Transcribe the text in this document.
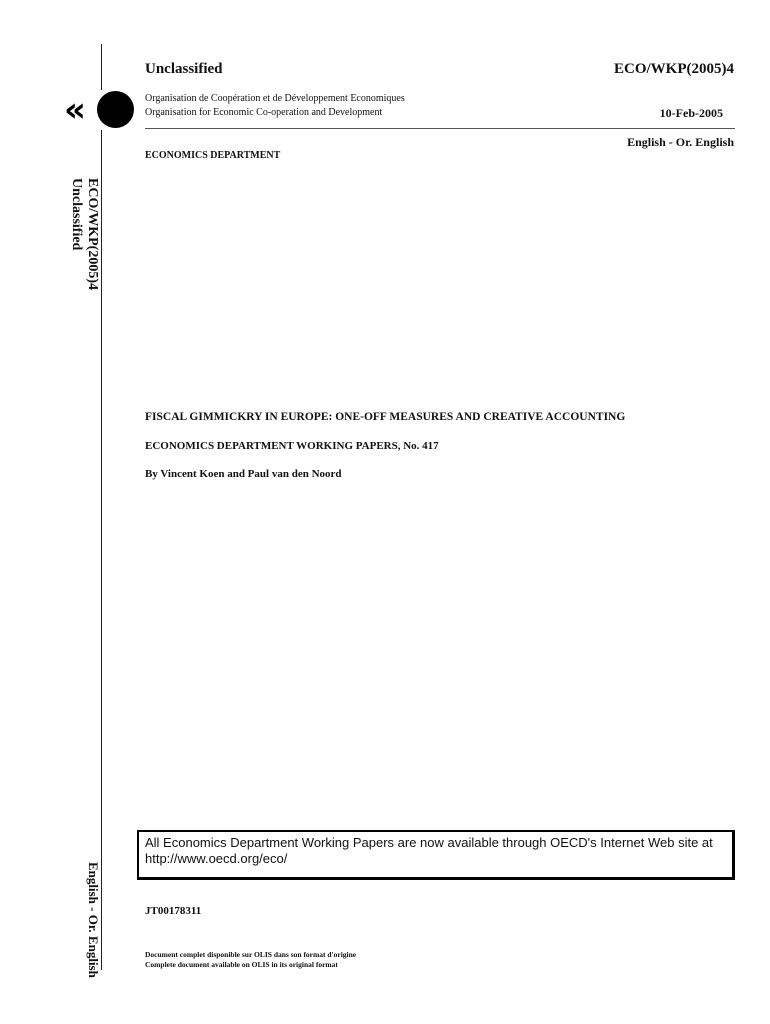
«
ECO/WKP(2005)4
Unclassified
English - Or. English
Unclassified	ECO/WKP(2005)4
Organisation de Coopération et de Développement Economiques
Organisation for Economic Co-operation and Development	10-Feb-2005
English - Or. English
ECONOMICS DEPARTMENT
FISCAL GIMMICKRY IN EUROPE: ONE-OFF MEASURES AND CREATIVE ACCOUNTING
ECONOMICS DEPARTMENT WORKING PAPERS, No. 417
By Vincent Koen and Paul van den Noord
All Economics Department Working Papers are now available through OECD's Internet Web site at
http://www.oecd.org/eco/
JT00178311
Document complet disponible sur OLIS dans son format d'origine
Complete document available on OLIS in its original format
